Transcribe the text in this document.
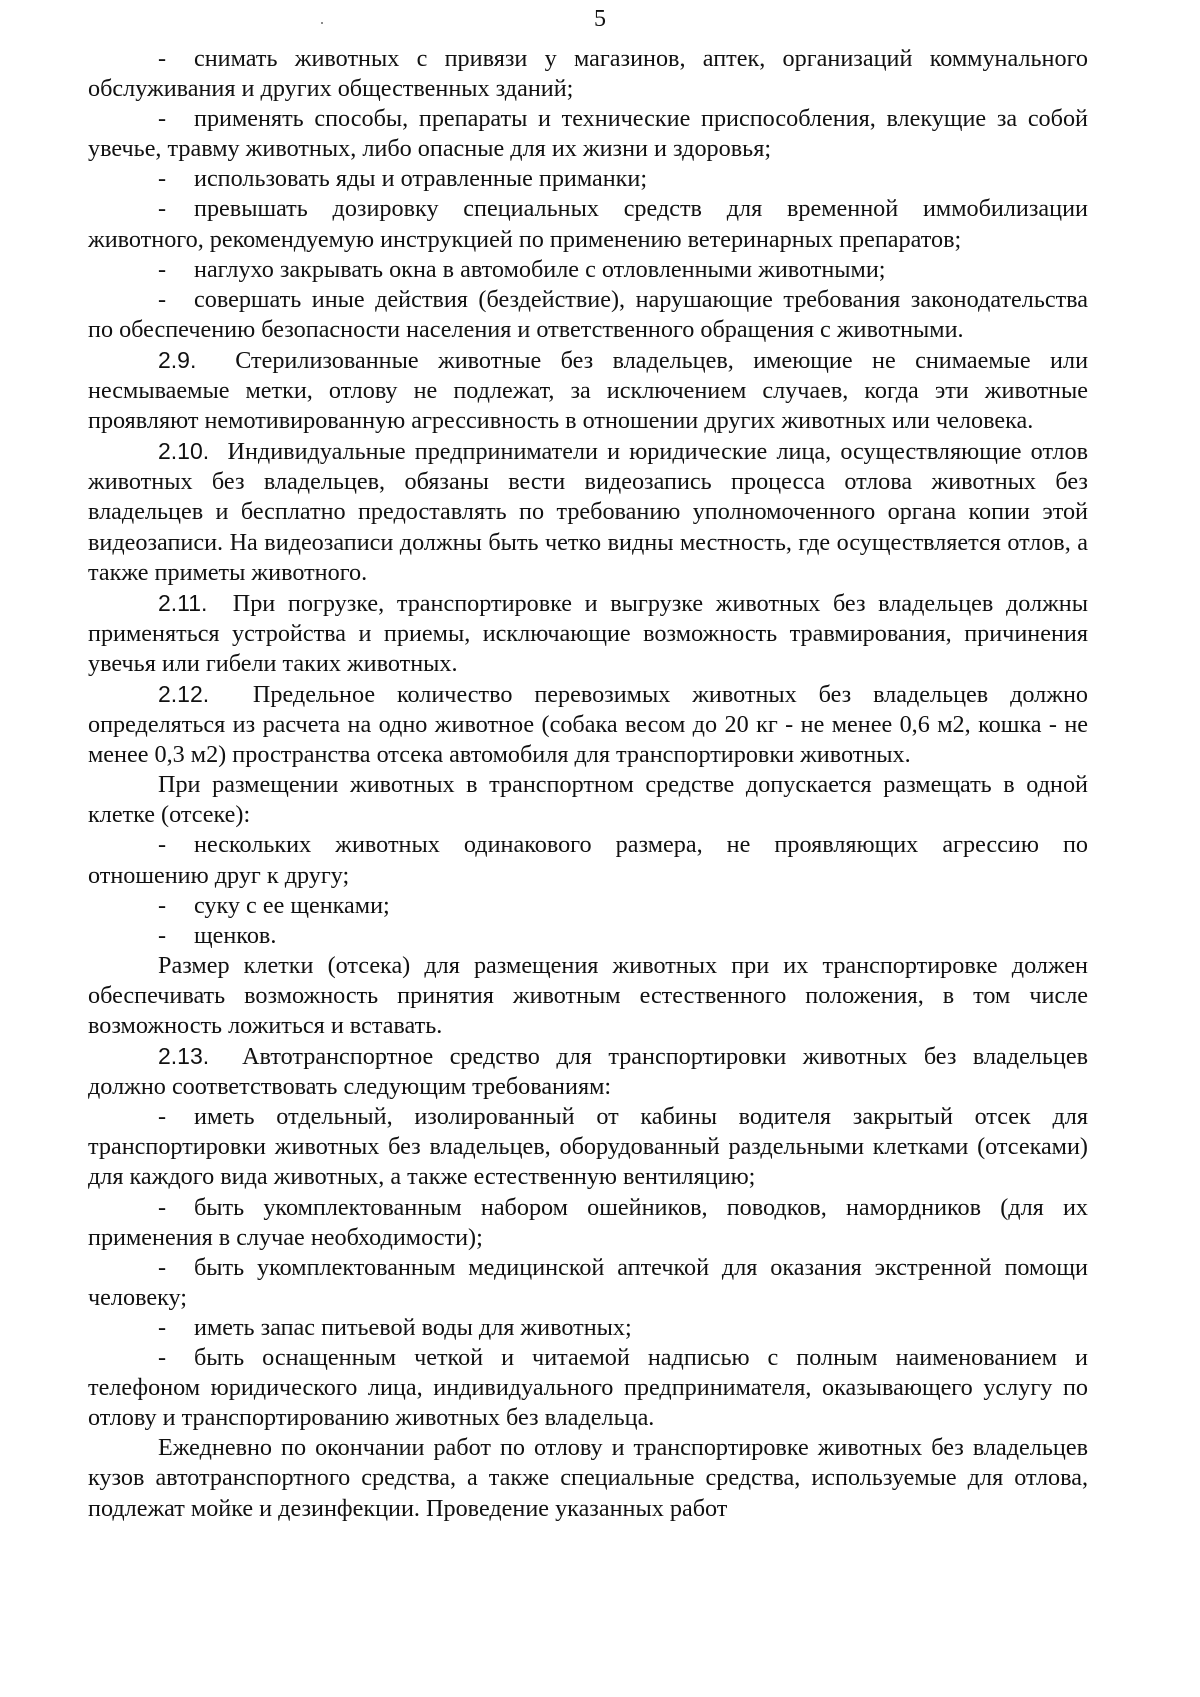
5

- снимать животных с привязи у магазинов, аптек, организаций коммунального обслуживания и других общественных зданий;

- применять способы, препараты и технические приспособления, влекущие за собой увечье, травму животных, либо опасные для их жизни и здоровья;

- использовать яды и отравленные приманки;

- превышать дозировку специальных средств для временной иммобилизации животного, рекомендуемую инструкцией по применению ветеринарных препаратов;

- наглухо закрывать окна в автомобиле с отловленными животными;

- совершать иные действия (бездействие), нарушающие требования законодательства по обеспечению безопасности населения и ответственного обращения с животными.

2.9. Стерилизованные животные без владельцев, имеющие не снимаемые или несмываемые метки, отлову не подлежат, за исключением случаев, когда эти животные проявляют немотивированную агрессивность в отношении других животных или человека.

2.10. Индивидуальные предприниматели и юридические лица, осуществляющие отлов животных без владельцев, обязаны вести видеозапись процесса отлова животных без владельцев и бесплатно предоставлять по требованию уполномоченного органа копии этой видеозаписи. На видеозаписи должны быть четко видны местность, где осуществляется отлов, а также приметы животного.

2.11. При погрузке, транспортировке и выгрузке животных без владельцев должны применяться устройства и приемы, исключающие возможность травмирования, причинения увечья или гибели таких животных.

2.12. Предельное количество перевозимых животных без владельцев должно определяться из расчета на одно животное (собака весом до 20 кг - не менее 0,6 м2, кошка - не менее 0,3 м2) пространства отсека автомобиля для транспортировки животных.

При размещении животных в транспортном средстве допускается размещать в одной клетке (отсеке):

- нескольких животных одинакового размера, не проявляющих агрессию по отношению друг к другу;

- суку с ее щенками;

- щенков.

Размер клетки (отсека) для размещения животных при их транспортировке должен обеспечивать возможность принятия животным естественного положения, в том числе возможность ложиться и вставать.

2.13. Автотранспортное средство для транспортировки животных без владельцев должно соответствовать следующим требованиям:

- иметь отдельный, изолированный от кабины водителя закрытый отсек для транспортировки животных без владельцев, оборудованный раздельными клетками (отсеками) для каждого вида животных, а также естественную вентиляцию;

- быть укомплектованным набором ошейников, поводков, намордников (для их применения в случае необходимости);

- быть укомплектованным медицинской аптечкой для оказания экстренной помощи человеку;

- иметь запас питьевой воды для животных;

- быть оснащенным четкой и читаемой надписью с полным наименованием и телефоном юридического лица, индивидуального предпринимателя, оказывающего услугу по отлову и транспортированию животных без владельца.

Ежедневно по окончании работ по отлову и транспортировке животных без владельцев кузов автотранспортного средства, а также специальные средства, используемые для отлова, подлежат мойке и дезинфекции. Проведение указанных работ
